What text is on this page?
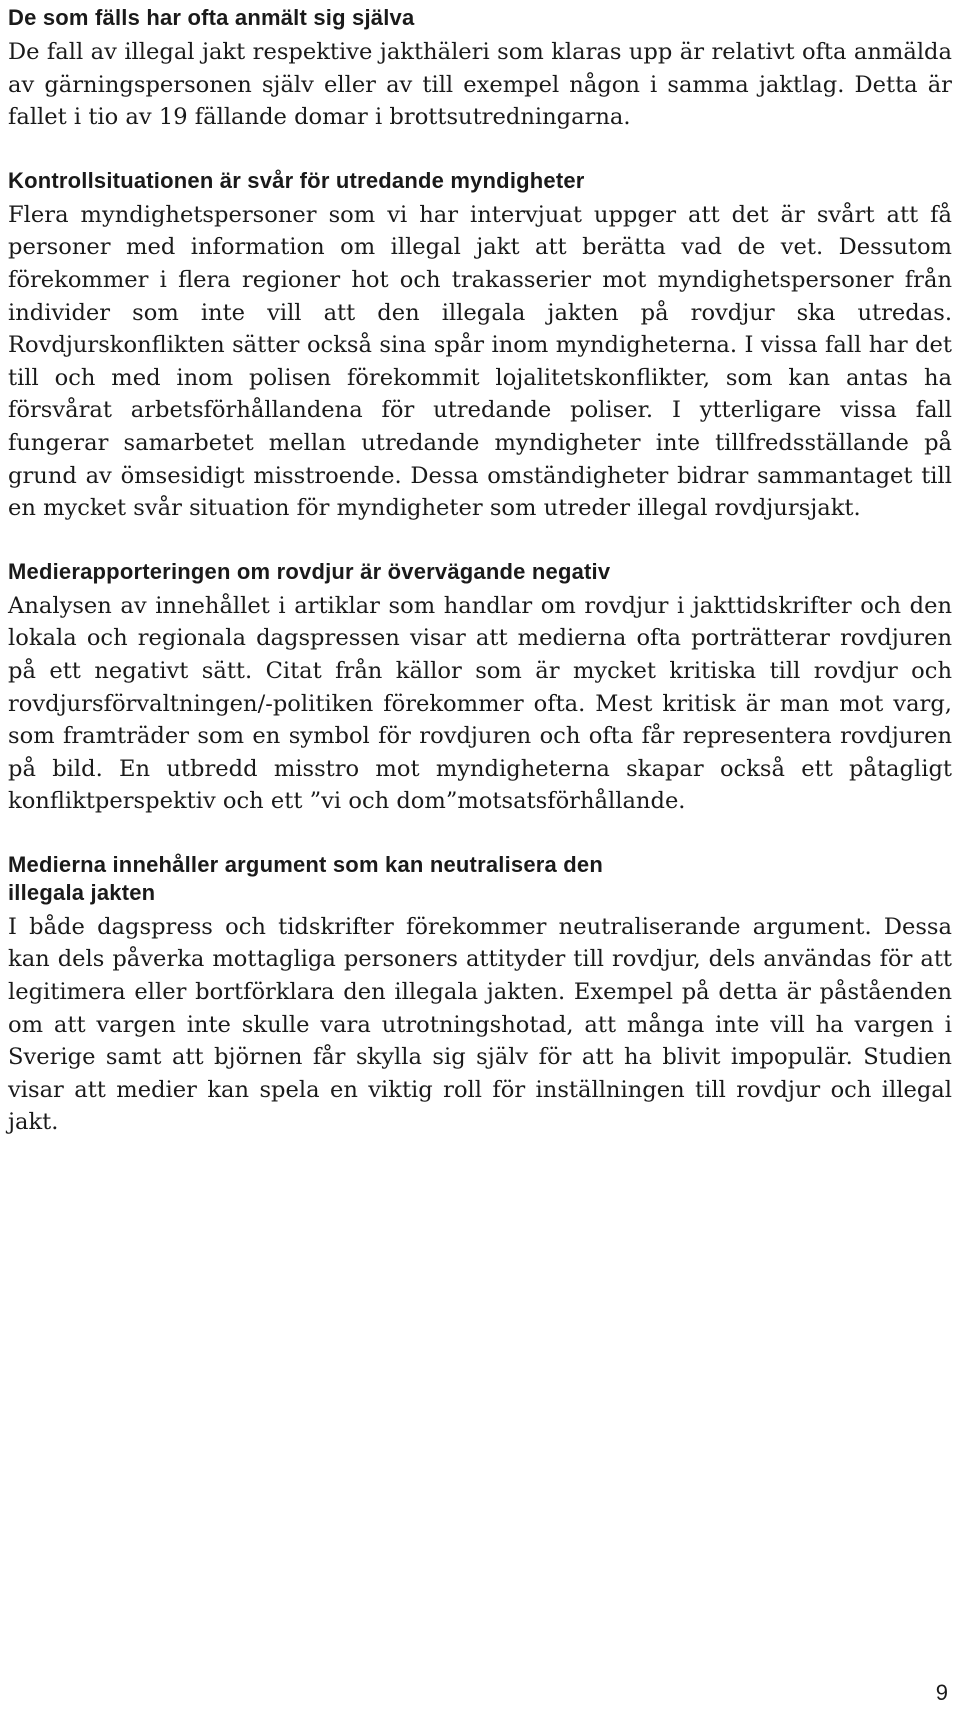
De som fälls har ofta anmält sig själva

De fall av illegal jakt respektive jakthäleri som klaras upp är relativt ofta anmälda av gärningspersonen själv eller av till exempel någon i samma jaktlag. Detta är fallet i tio av 19 fällande domar i brottsutredningarna.

Kontrollsituationen är svår för utredande myndigheter

Flera myndighetspersoner som vi har intervjuat uppger att det är svårt att få personer med information om illegal jakt att berätta vad de vet. Dessutom förekommer i flera regioner hot och trakasserier mot myndighetspersoner från individer som inte vill att den illegala jakten på rovdjur ska utredas. Rovdjurskonflikten sätter också sina spår inom myndigheterna. I vissa fall har det till och med inom polisen förekommit lojalitetskonflikter, som kan antas ha försvårat arbetsförhållandena för utredande poliser. I ytterligare vissa fall fungerar samarbetet mellan utredande myndigheter inte tillfredsställande på grund av ömsesidigt misstroende. Dessa omständigheter bidrar sammantaget till en mycket svår situation för myndigheter som utreder illegal rovdjursjakt.

Medierapporteringen om rovdjur är övervägande negativ

Analysen av innehållet i artiklar som handlar om rovdjur i jakttidskrifter och den lokala och regionala dagspressen visar att medierna ofta porträtterar rovdjuren på ett negativt sätt. Citat från källor som är mycket kritiska till rovdjur och rovdjursförvaltningen/-politiken förekommer ofta. Mest kritisk är man mot varg, som framträder som en symbol för rovdjuren och ofta får representera rovdjuren på bild. En utbredd misstro mot myndigheterna skapar också ett påtagligt konfliktperspektiv och ett ”vi och dom”motsatsförhållande.

Medierna innehåller argument som kan neutralisera den illegala jakten

I både dagspress och tidskrifter förekommer neutraliserande argument. Dessa kan dels påverka mottagliga personers attityder till rovdjur, dels användas för att legitimera eller bortförklara den illegala jakten. Exempel på detta är påståenden om att vargen inte skulle vara utrotningshotad, att många inte vill ha vargen i Sverige samt att björnen får skylla sig själv för att ha blivit impopulär. Studien visar att medier kan spela en viktig roll för inställningen till rovdjur och illegal jakt.

9
